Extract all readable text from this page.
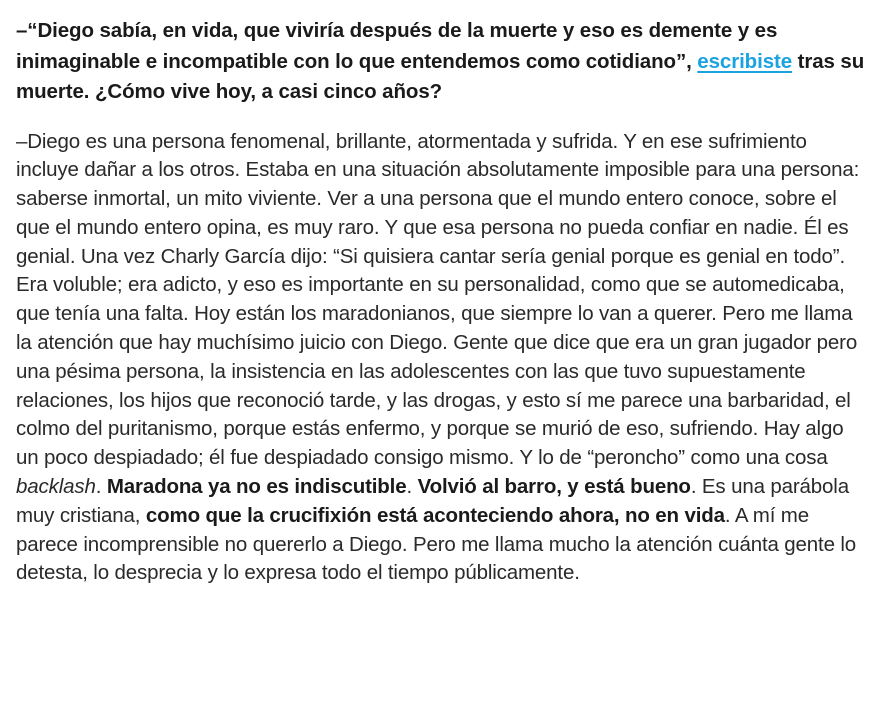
–“Diego sabía, en vida, que viviría después de la muerte y eso es demente y es inimaginable e incompatible con lo que entendemos como cotidiano”, escribiste tras su muerte. ¿Cómo vive hoy, a casi cinco años?

–Diego es una persona fenomenal, brillante, atormentada y sufrida. Y en ese sufrimiento incluye dañar a los otros. Estaba en una situación absolutamente imposible para una persona: saberse inmortal, un mito viviente. Ver a una persona que el mundo entero conoce, sobre el que el mundo entero opina, es muy raro. Y que esa persona no pueda confiar en nadie. Él es genial. Una vez Charly García dijo: “Si quisiera cantar sería genial porque es genial en todo”. Era voluble; era adicto, y eso es importante en su personalidad, como que se automedicaba, que tenía una falta. Hoy están los maradonianos, que siempre lo van a querer. Pero me llama la atención que hay muchísimo juicio con Diego. Gente que dice que era un gran jugador pero una pésima persona, la insistencia en las adolescentes con las que tuvo supuestamente relaciones, los hijos que reconoció tarde, y las drogas, y esto sí me parece una barbaridad, el colmo del puritanismo, porque estás enfermo, y porque se murió de eso, sufriendo. Hay algo un poco despiadado; él fue despiadado consigo mismo. Y lo de “peroncho” como una cosa backlash. Maradona ya no es indiscutible. Volvió al barro, y está bueno. Es una parábola muy cristiana, como que la crucifixión está aconteciendo ahora, no en vida. A mí me parece incomprensible no quererlo a Diego. Pero me llama mucho la atención cuánta gente lo detesta, lo desprecia y lo expresa todo el tiempo públicamente.
